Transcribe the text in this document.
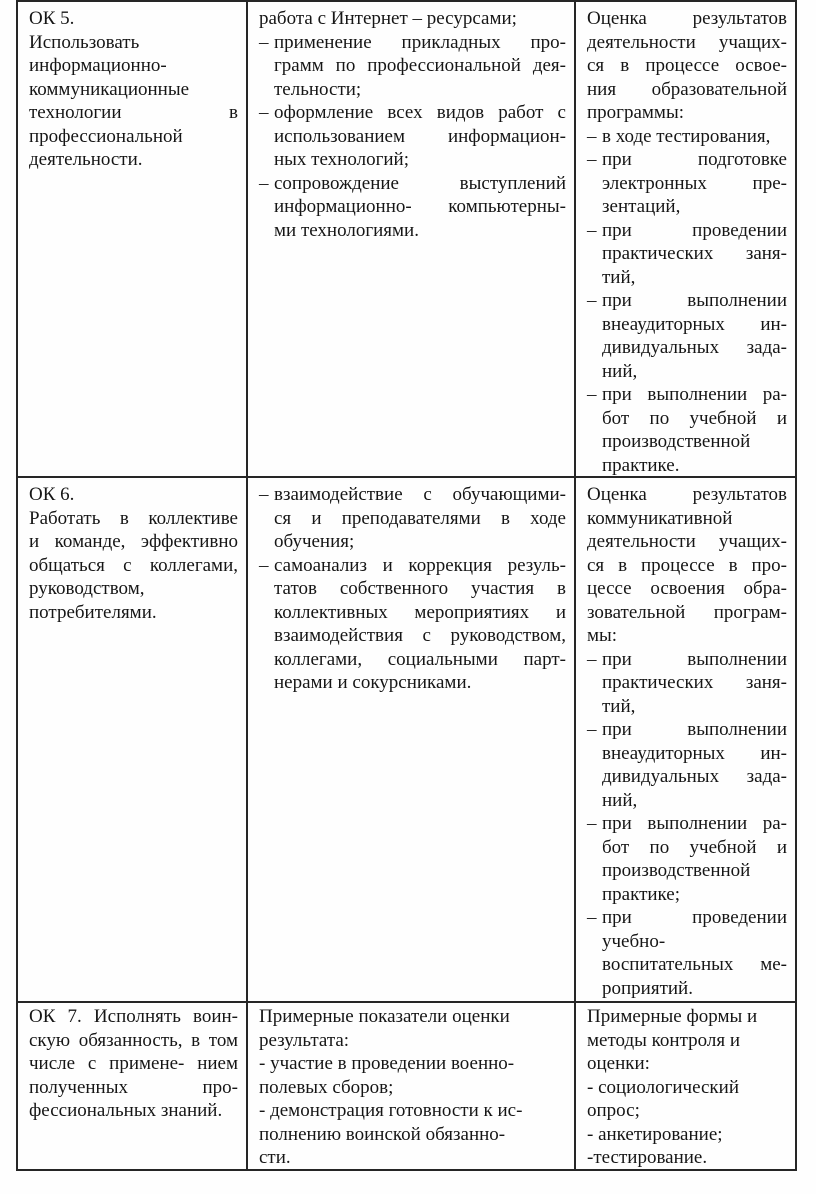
ОК 5.
Использовать
информационно-
коммуникационные
технологии в
профессиональной
деятельности.
работа с Интернет – ресурсами;
– применение прикладных про-
грамм по профессиональной дея-
тельности;
– оформление всех видов работ с
использованием информацион-
ных технологий;
– сопровождение выступлений
информационно- компьютерны-
ми технологиями.
Оценка результатов
деятельности учащих-
ся в процессе освое-
ния образовательной
программы:
– в ходе тестирования,
– при подготовке
электронных пре-
зентаций,
– при проведении
практических заня-
тий,
– при выполнении
внеаудиторных ин-
дивидуальных зада-
ний,
– при выполнении ра-
бот по учебной и
производственной
практике.
ОК 6.
Работать в коллективе
и команде, эффективно
общаться с коллегами,
руководством,
потребителями.
– взаимодействие с обучающими-
ся и преподавателями в ходе
обучения;
– самоанализ и коррекция резуль-
татов собственного участия в
коллективных мероприятиях и
взаимодействия с руководством,
коллегами, социальными парт-
нерами и сокурсниками.
Оценка результатов
коммуникативной
деятельности учащих-
ся в процессе в про-
цессе освоения обра-
зовательной програм-
мы:
– при выполнении
практических заня-
тий,
– при выполнении
внеаудиторных ин-
дивидуальных зада-
ний,
– при выполнении ра-
бот по учебной и
производственной
практике;
– при проведении
учебно-
воспитательных ме-
роприятий.
ОК 7. Исполнять воин-
скую обязанность, в том
числе с примене- нием
полученных про-
фессиональных знаний.
Примерные показатели оценки
результата:
- участие в проведении военно-
полевых сборов;
- демонстрация готовности к ис-
полнению воинской обязанно-
сти.
Примерные формы и
методы контроля и
оценки:
- социологический
опрос;
- анкетирование;
-тестирование.
